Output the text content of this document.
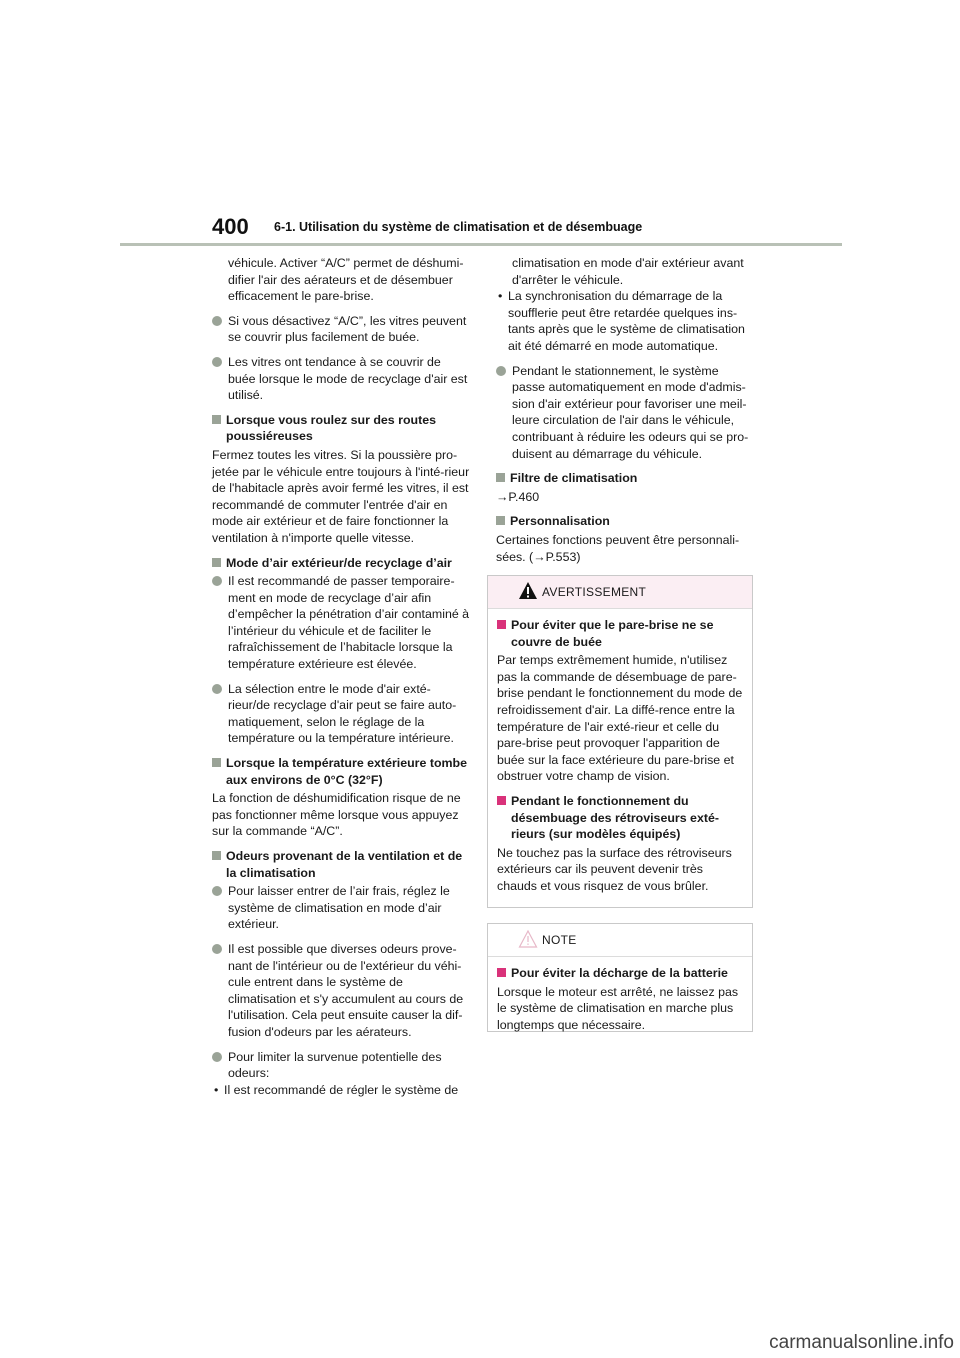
400	6-1. Utilisation du système de climatisation et de désembuage

véhicule. Activer “A/C” permet de déshumi-difier l'air des aérateurs et de désembuer efficacement le pare-brise.

Si vous désactivez “A/C”, les vitres peuvent se couvrir plus facilement de buée.
Les vitres ont tendance à se couvrir de buée lorsque le mode de recyclage d'air est utilisé.
Lorsque vous roulez sur des routes poussiéreuses

Fermez toutes les vitres. Si la poussière pro-jetée par le véhicule entre toujours à l'inté-rieur de l'habitacle après avoir fermé les vitres, il est recommandé de commuter l'entrée d'air en mode air extérieur et de faire fonctionner la ventilation à n'importe quelle vitesse.

Mode d’air extérieur/de recyclage d’air
Il est recommandé de passer temporaire-ment en mode de recyclage d’air afin d’empêcher la pénétration d’air contaminé à l’intérieur du véhicule et de faciliter le rafraîchissement de l’habitacle lorsque la température extérieure est élevée.
La sélection entre le mode d'air exté-rieur/de recyclage d'air peut se faire auto-matiquement, selon le réglage de la température ou la température intérieure.
Lorsque la température extérieure tombe aux environs de 0°C (32°F)

La fonction de déshumidification risque de ne pas fonctionner même lorsque vous appuyez sur la commande “A/C”.

Odeurs provenant de la ventilation et de la climatisation
Pour laisser entrer de l’air frais, réglez le système de climatisation en mode d’air extérieur.
Il est possible que diverses odeurs prove-nant de l'intérieur ou de l'extérieur du véhi-cule entrent dans le système de climatisation et s'y accumulent au cours de l'utilisation. Cela peut ensuite causer la dif-fusion d'odeurs par les aérateurs.
Pour limiter la survenue potentielle des odeurs:
• Il est recommandé de régler le système de

climatisation en mode d'air extérieur avant d'arrêter le véhicule.

• La synchronisation du démarrage de la soufflerie peut être retardée quelques ins-tants après que le système de climatisation ait été démarré en mode automatique.
Pendant le stationnement, le système passe automatiquement en mode d'admis-sion d'air extérieur pour favoriser une meil-leure circulation de l'air dans le véhicule, contribuant à réduire les odeurs qui se pro-duisent au démarrage du véhicule.
Filtre de climatisation

→P.460

Personnalisation

Certaines fonctions peuvent être personnali-sées. (→P.553)

AVERTISSEMENT
Pour éviter que le pare-brise ne se couvre de buée

Par temps extrêmement humide, n'utilisez pas la commande de désembuage de pare-brise pendant le fonctionnement du mode de refroidissement d'air. La diffé-rence entre la température de l'air exté-rieur et celle du pare-brise peut provoquer l'apparition de buée sur la face extérieure du pare-brise et obstruer votre champ de vision.

Pendant le fonctionnement du désembuage des rétroviseurs exté-rieurs (sur modèles équipés)

Ne touchez pas la surface des rétroviseurs extérieurs car ils peuvent devenir très chauds et vous risquez de vous brûler.

NOTE
Pour éviter la décharge de la batterie

Lorsque le moteur est arrêté, ne laissez pas le système de climatisation en marche plus longtemps que nécessaire.

carmanualsonline.info
